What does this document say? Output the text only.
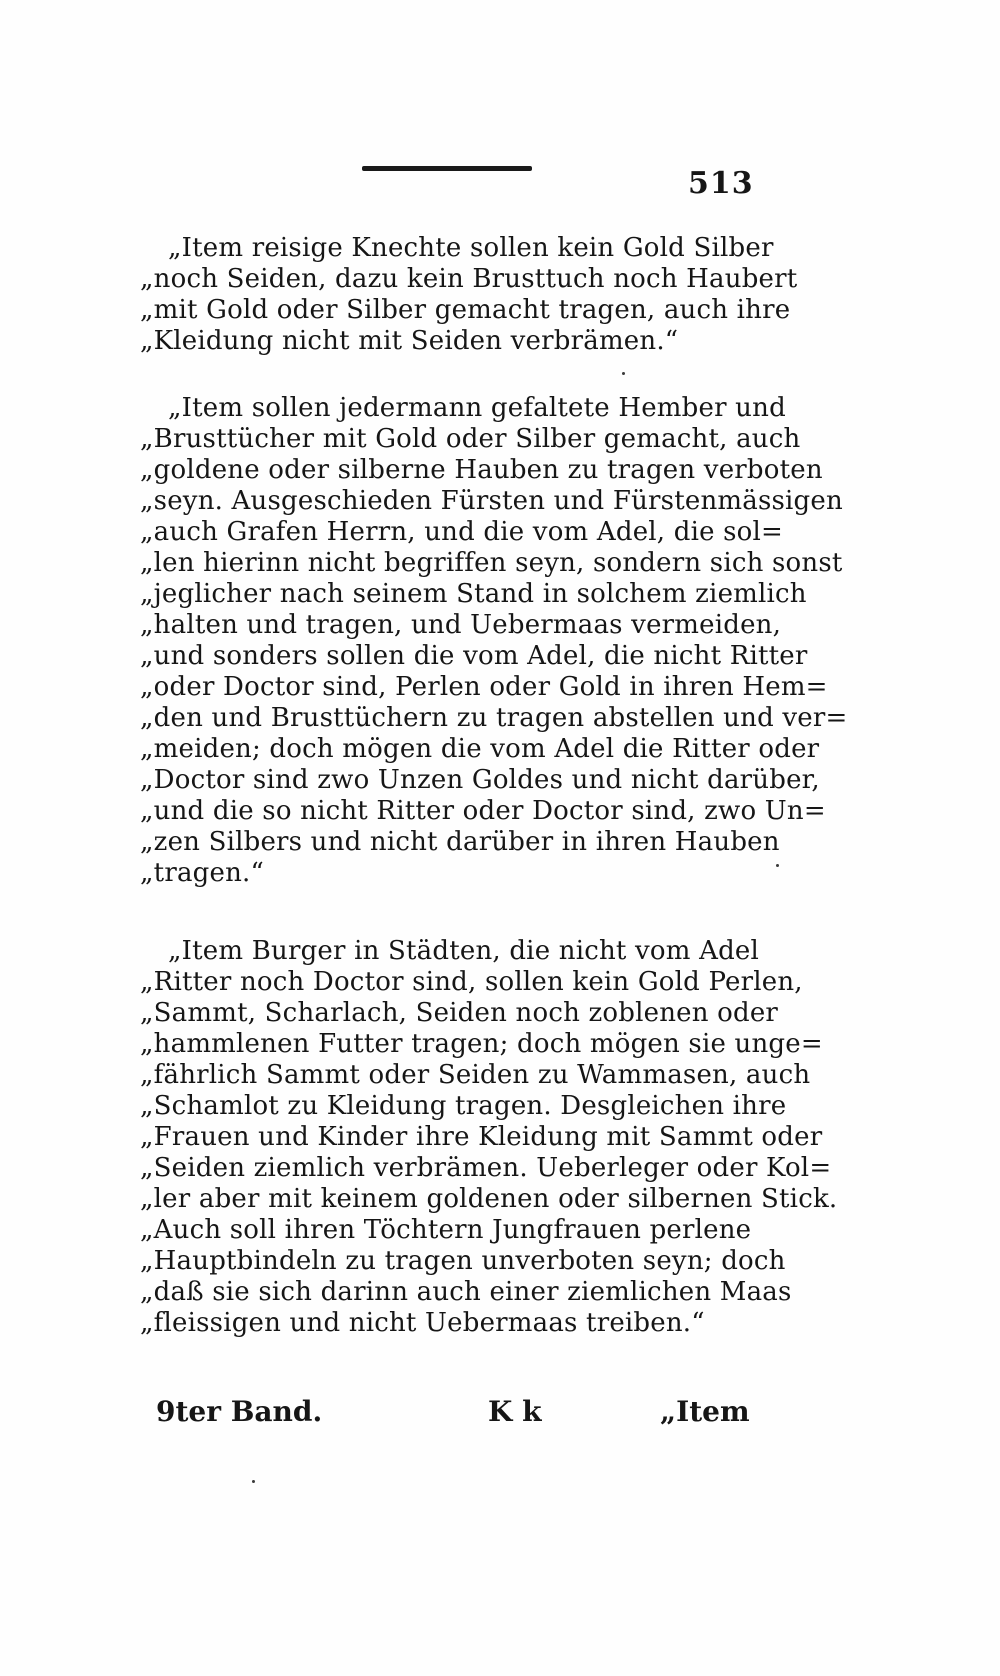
513
„Item reisige Knechte sollen kein Gold Silber
„noch Seiden, dazu kein Brusttuch noch Haubert
„mit Gold oder Silber gemacht tragen, auch ihre
„Kleidung nicht mit Seiden verbrämen.“
„Item sollen jedermann gefaltete Hember und
„Brusttücher mit Gold oder Silber gemacht, auch
„goldene oder silberne Hauben zu tragen verboten
„seyn. Ausgeschieden Fürsten und Fürstenmässigen
„auch Grafen Herrn, und die vom Adel, die sol=
„len hierinn nicht begriffen seyn, sondern sich sonst
„jeglicher nach seinem Stand in solchem ziemlich
„halten und tragen, und Uebermaas vermeiden,
„und sonders sollen die vom Adel, die nicht Ritter
„oder Doctor sind, Perlen oder Gold in ihren Hem=
„den und Brusttüchern zu tragen abstellen und ver=
„meiden; doch mögen die vom Adel die Ritter oder
„Doctor sind zwo Unzen Goldes und nicht darüber,
„und die so nicht Ritter oder Doctor sind, zwo Un=
„zen Silbers und nicht darüber in ihren Hauben
„tragen.“
„Item Burger in Städten, die nicht vom Adel
„Ritter noch Doctor sind, sollen kein Gold Perlen,
„Sammt, Scharlach, Seiden noch zoblenen oder
„hammlenen Futter tragen; doch mögen sie unge=
„fährlich Sammt oder Seiden zu Wammasen, auch
„Schamlot zu Kleidung tragen. Desgleichen ihre
„Frauen und Kinder ihre Kleidung mit Sammt oder
„Seiden ziemlich verbrämen. Ueberleger oder Kol=
„ler aber mit keinem goldenen oder silbernen Stick.
„Auch soll ihren Töchtern Jungfrauen perlene
„Hauptbindeln zu tragen unverboten seyn; doch
„daß sie sich darinn auch einer ziemlichen Maas
„fleissigen und nicht Uebermaas treiben.“
9ter Band.	K k	„Item
